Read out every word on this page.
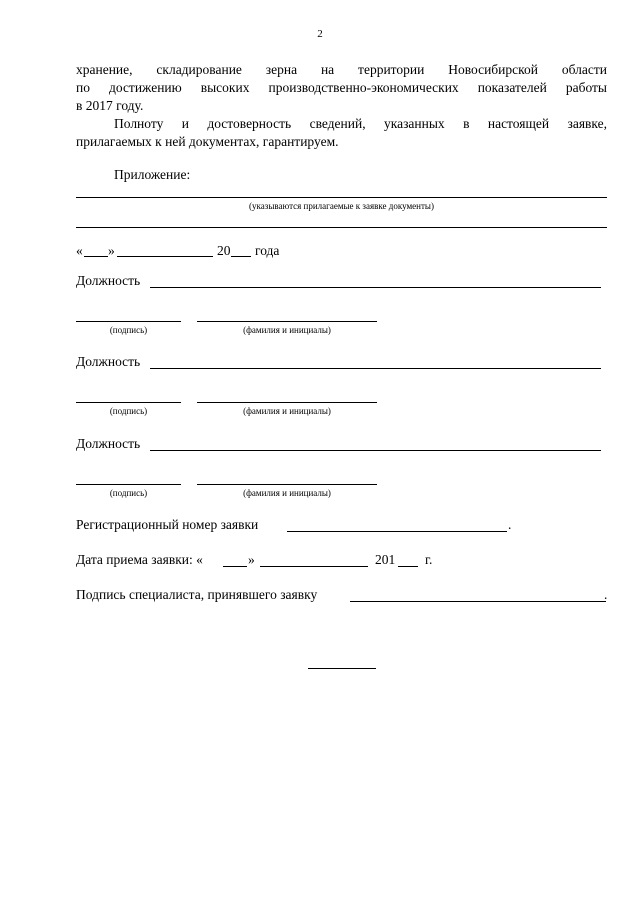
2
хранение, складирование зерна на территории Новосибирской области
по достижению высоких производственно-экономических показателей работы
в 2017 году.
Полноту и достоверность сведений, указанных в настоящей заявке,
прилагаемых к ней документах, гарантируем.
Приложение:
(указываются прилагаемые к заявке документы)
« »	20 года
Должность
(подпись)	(фамилия и инициалы)
Должность
(подпись)	(фамилия и инициалы)
Должность
(подпись)	(фамилия и инициалы)
Регистрационный номер заявки	.
Дата приема заявки: «	»	201 г.
Подпись специалиста, принявшего заявку	.
